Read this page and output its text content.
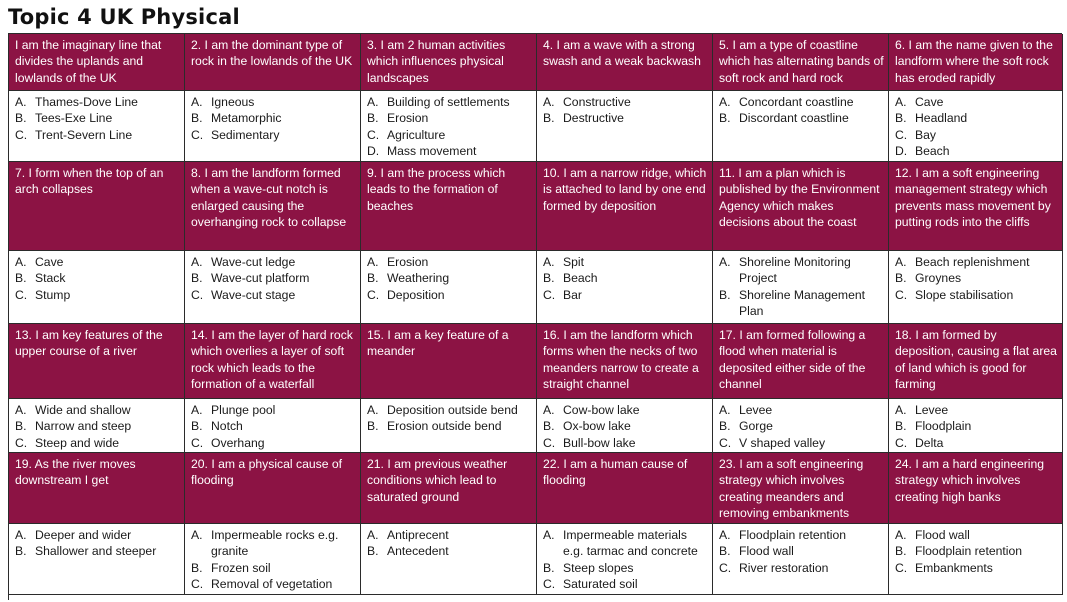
Topic 4 UK Physical
I am the imaginary line that divides the uplands and lowlands of the UK
2. I am the dominant type of rock in the lowlands of the UK
3. I am 2 human activities which influences physical landscapes
4. I am a wave with a strong swash and a weak backwash
5. I am a type of coastline which has alternating bands of soft rock and hard rock
6. I am the name given to the landform where the soft rock has eroded rapidly
A. Thames-Dove Line
B. Tees-Exe Line
C. Trent-Severn Line
A. Igneous
B. Metamorphic
C. Sedimentary
A. Building of settlements
B. Erosion
C. Agriculture
D. Mass movement
A. Constructive
B. Destructive
A. Concordant coastline
B. Discordant coastline
A. Cave
B. Headland
C. Bay
D. Beach
7. I form when the top of an arch collapses
8. I am the landform formed when a wave-cut notch is enlarged causing the overhanging rock to collapse
9. I am the process which leads to the formation of beaches
10. I am a narrow ridge, which is attached to land by one end formed by deposition
11. I am a plan which is published by the Environment Agency which makes decisions about the coast
12. I am a soft engineering management strategy which prevents mass movement by putting rods into the cliffs
A. Cave
B. Stack
C. Stump
A. Wave-cut ledge
B. Wave-cut platform
C. Wave-cut stage
A. Erosion
B. Weathering
C. Deposition
A. Spit
B. Beach
C. Bar
A. Shoreline Monitoring Project
B. Shoreline Management Plan
A. Beach replenishment
B. Groynes
C. Slope stabilisation
13. I am key features of the upper course of a river
14. I am the layer of hard rock which overlies a layer of soft rock which leads to the formation of a waterfall
15. I am a key feature of a meander
16. I am the landform which forms when the necks of two meanders narrow to create a straight channel
17. I am formed following a flood when material is deposited either side of the channel
18. I am formed by deposition, causing a flat area of land which is good for farming
A. Wide and shallow
B. Narrow and steep
C. Steep and wide
A. Plunge pool
B. Notch
C. Overhang
A. Deposition outside bend
B. Erosion outside bend
A. Cow-bow lake
B. Ox-bow lake
C. Bull-bow lake
A. Levee
B. Gorge
C. V shaped valley
A. Levee
B. Floodplain
C. Delta
19. As the river moves downstream I get
20. I am a physical cause of flooding
21. I am previous weather conditions which lead to saturated ground
22. I am a human cause of flooding
23. I am a soft engineering strategy which involves creating meanders and removing embankments
24. I am a hard engineering strategy which involves creating high banks
A. Deeper and wider
B. Shallower and steeper
A. Impermeable rocks e.g. granite
B. Frozen soil
C. Removal of vegetation
A. Antiprecent
B. Antecedent
A. Impermeable materials e.g. tarmac and concrete
B. Steep slopes
C. Saturated soil
A. Floodplain retention
B. Flood wall
C. River restoration
A. Flood wall
B. Floodplain retention
C. Embankments
